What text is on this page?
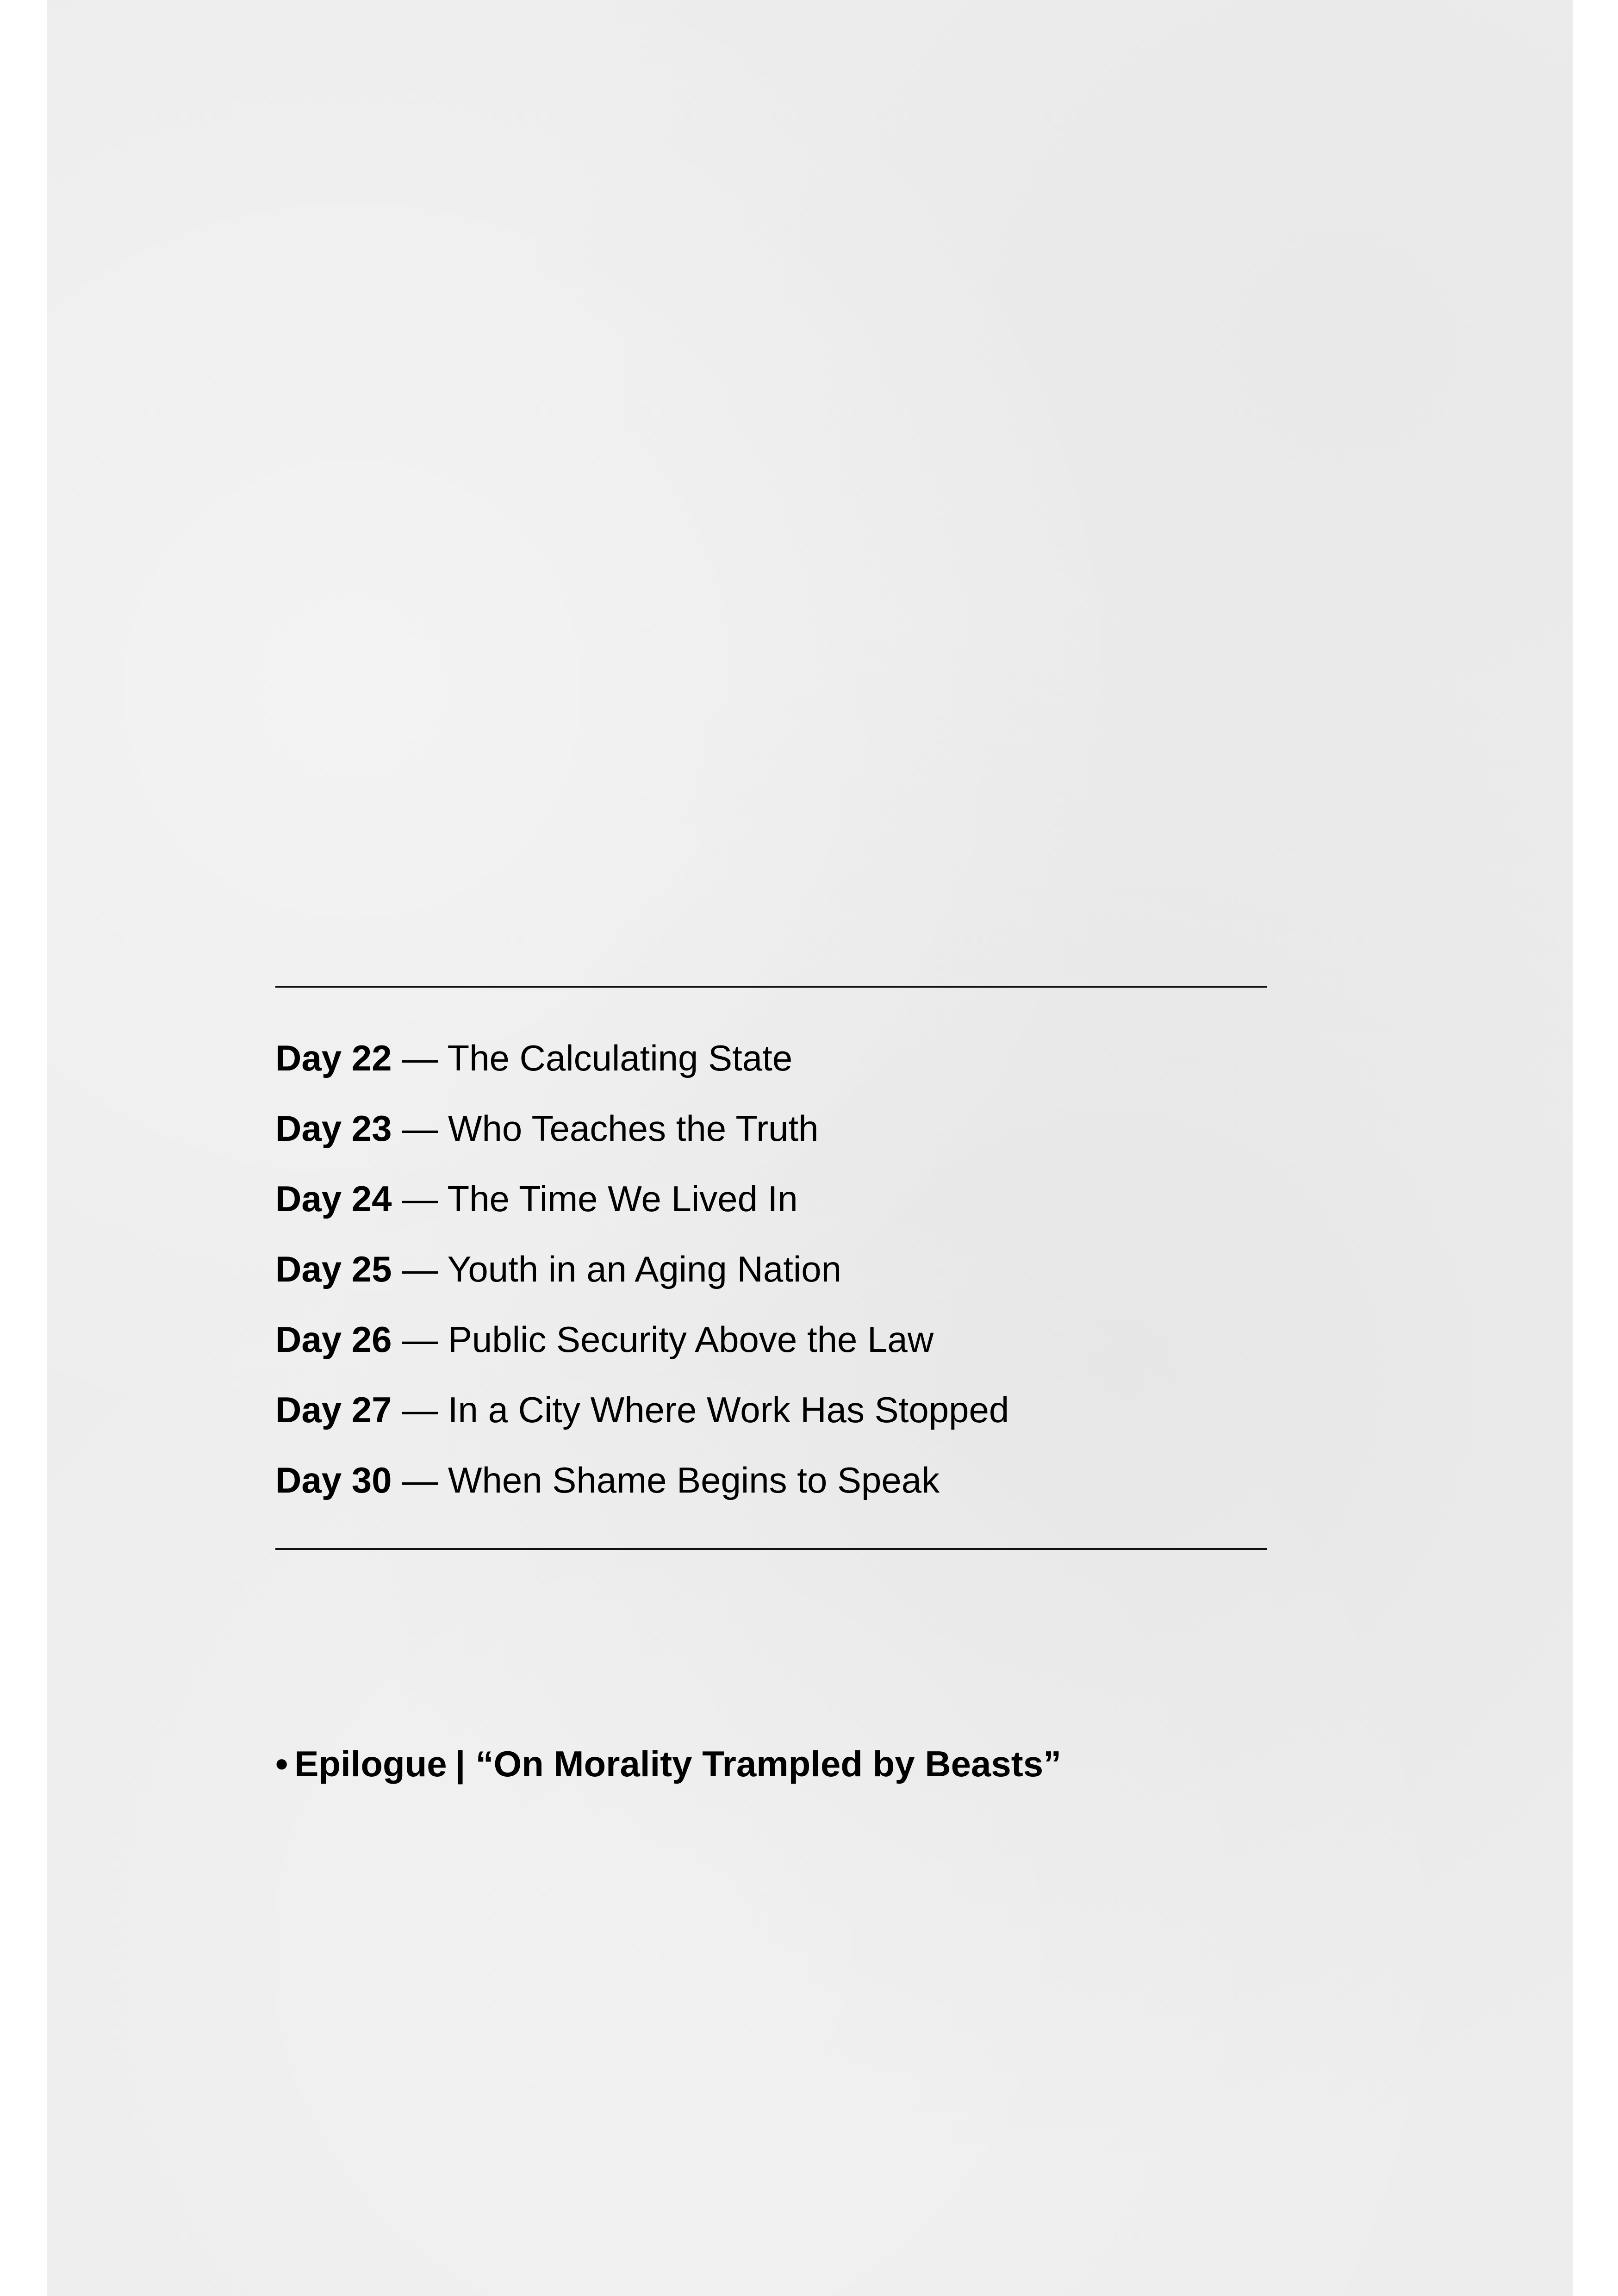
Day 22 — The Calculating State
Day 23 — Who Teaches the Truth
Day 24 — The Time We Lived In
Day 25 — Youth in an Aging Nation
Day 26 — Public Security Above the Law
Day 27 — In a City Where Work Has Stopped
Day 30 — When Shame Begins to Speak
• Epilogue | “On Morality Trampled by Beasts”
